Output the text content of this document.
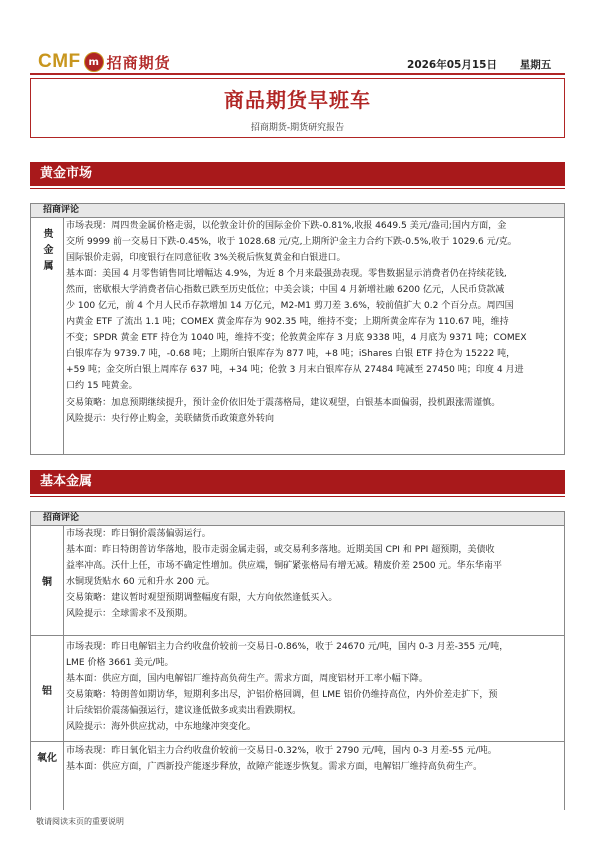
CMF m 招商期货	2026年05月15日	星期五
商品期货早班车
招商期货-期货研究报告
黄金市场
招商评论
贵金属

市场表现：周四贵金属价格走弱，以伦敦金计价的国际金价下跌-0.81%,收报 4649.5 美元/盎司;国内方面，金

交所 9999 前一交易日下跌-0.45%，收于 1028.68 元/克,上期所沪金主力合约下跌-0.5%,收于 1029.6 元/克。

国际银价走弱，印度银行在同意征收 3%关税后恢复黄金和白银进口。

基本面：美国 4 月零售销售同比增幅达 4.9%，为近 8 个月来最强劲表现。零售数据显示消费者仍在持续花钱,

然而，密歇根大学消费者信心指数已跌至历史低位；中美会谈；中国 4 月新增社融 6200 亿元，人民币贷款减

少 100 亿元，前 4 个月人民币存款增加 14 万亿元，M2-M1 剪刀差 3.6%，较前值扩大 0.2 个百分点。周四国

内黄金 ETF 了流出 1.1 吨；COMEX 黄金库存为 902.35 吨，维持不变；上期所黄金库存为 110.67 吨，维持

不变；SPDR 黄金 ETF 持仓为 1040 吨，维持不变；伦敦黄金库存 3 月底 9338 吨，4 月底为 9371 吨；COMEX

白银库存为 9739.7 吨，-0.68 吨；上期所白银库存为 877 吨，+8 吨；iShares 白银 ETF 持仓为 15222 吨，

+59 吨；金交所白银上周库存 637 吨，+34 吨；伦敦 3 月末白银库存从 27484 吨减至 27450 吨；印度 4 月进

口约 15 吨黄金。

交易策略：加息预期继续提升，预计金价依旧处于震荡格局，建议观望，白银基本面偏弱，投机跟涨需谨慎。

风险提示：央行停止购金，美联储货币政策意外转向

基本金属
招商评论
铜

市场表现：昨日铜价震荡偏弱运行。

基本面：昨日特朗普访华落地，股市走弱金属走弱，或交易利多落地。近期美国 CPI 和 PPI 超预期，美债收

益率冲高。沃什上任，市场不确定性增加。供应端，铜矿紧张格局有增无减。精废价差 2500 元。华东华南平

水铜现货贴水 60 元和升水 200 元。

交易策略：建议暂时观望预期调整幅度有限，大方向依然逢低买入。

风险提示：全球需求不及预期。

铝

市场表现：昨日电解铝主力合约收盘价较前一交易日-0.86%，收于 24670 元/吨，国内 0-3 月差-355 元/吨，

LME 价格 3661 美元/吨。

基本面：供应方面，国内电解铝厂维持高负荷生产。需求方面，周度铝材开工率小幅下降。

交易策略：特朗普如期访华，短期利多出尽，沪铝价格回调，但 LME 铝价仍维持高位，内外价差走扩下，预

计后续铝价震荡偏强运行，建议逢低做多或卖出看跌期权。

风险提示：海外供应扰动，中东地缘冲突变化。

氧化

市场表现：昨日氧化铝主力合约收盘价较前一交易日-0.32%，收于 2790 元/吨，国内 0-3 月差-55 元/吨。

基本面：供应方面，广西新投产能逐步释放，故障产能逐步恢复。需求方面，电解铝厂维持高负荷生产。

敬请阅读末页的重要说明
